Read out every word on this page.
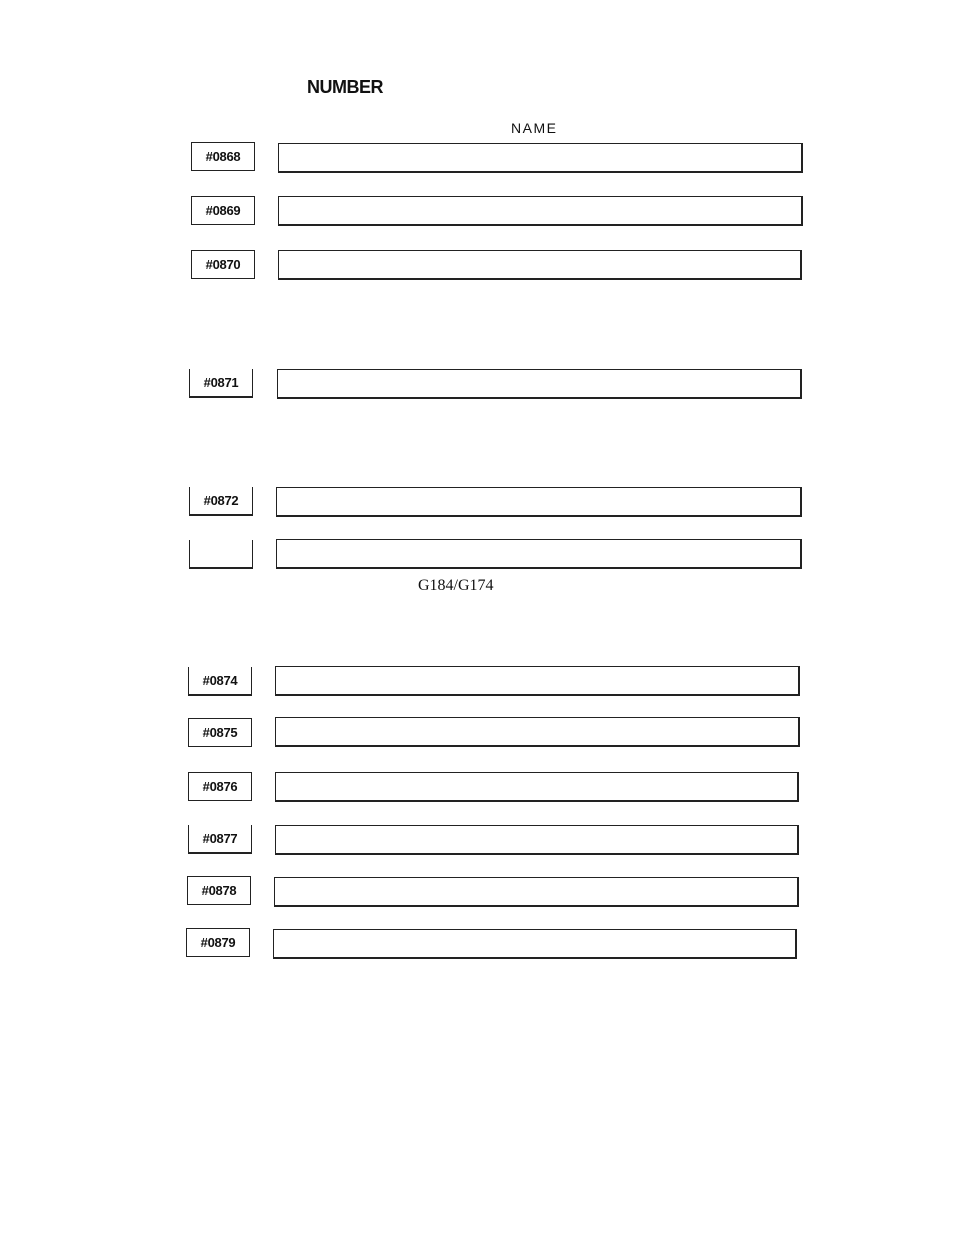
NUMBER
NAME
#0868
#0869
#0870
#0871
#0872
G184/G174
#0874
#0875
#0876
#0877
#0878
#0879
